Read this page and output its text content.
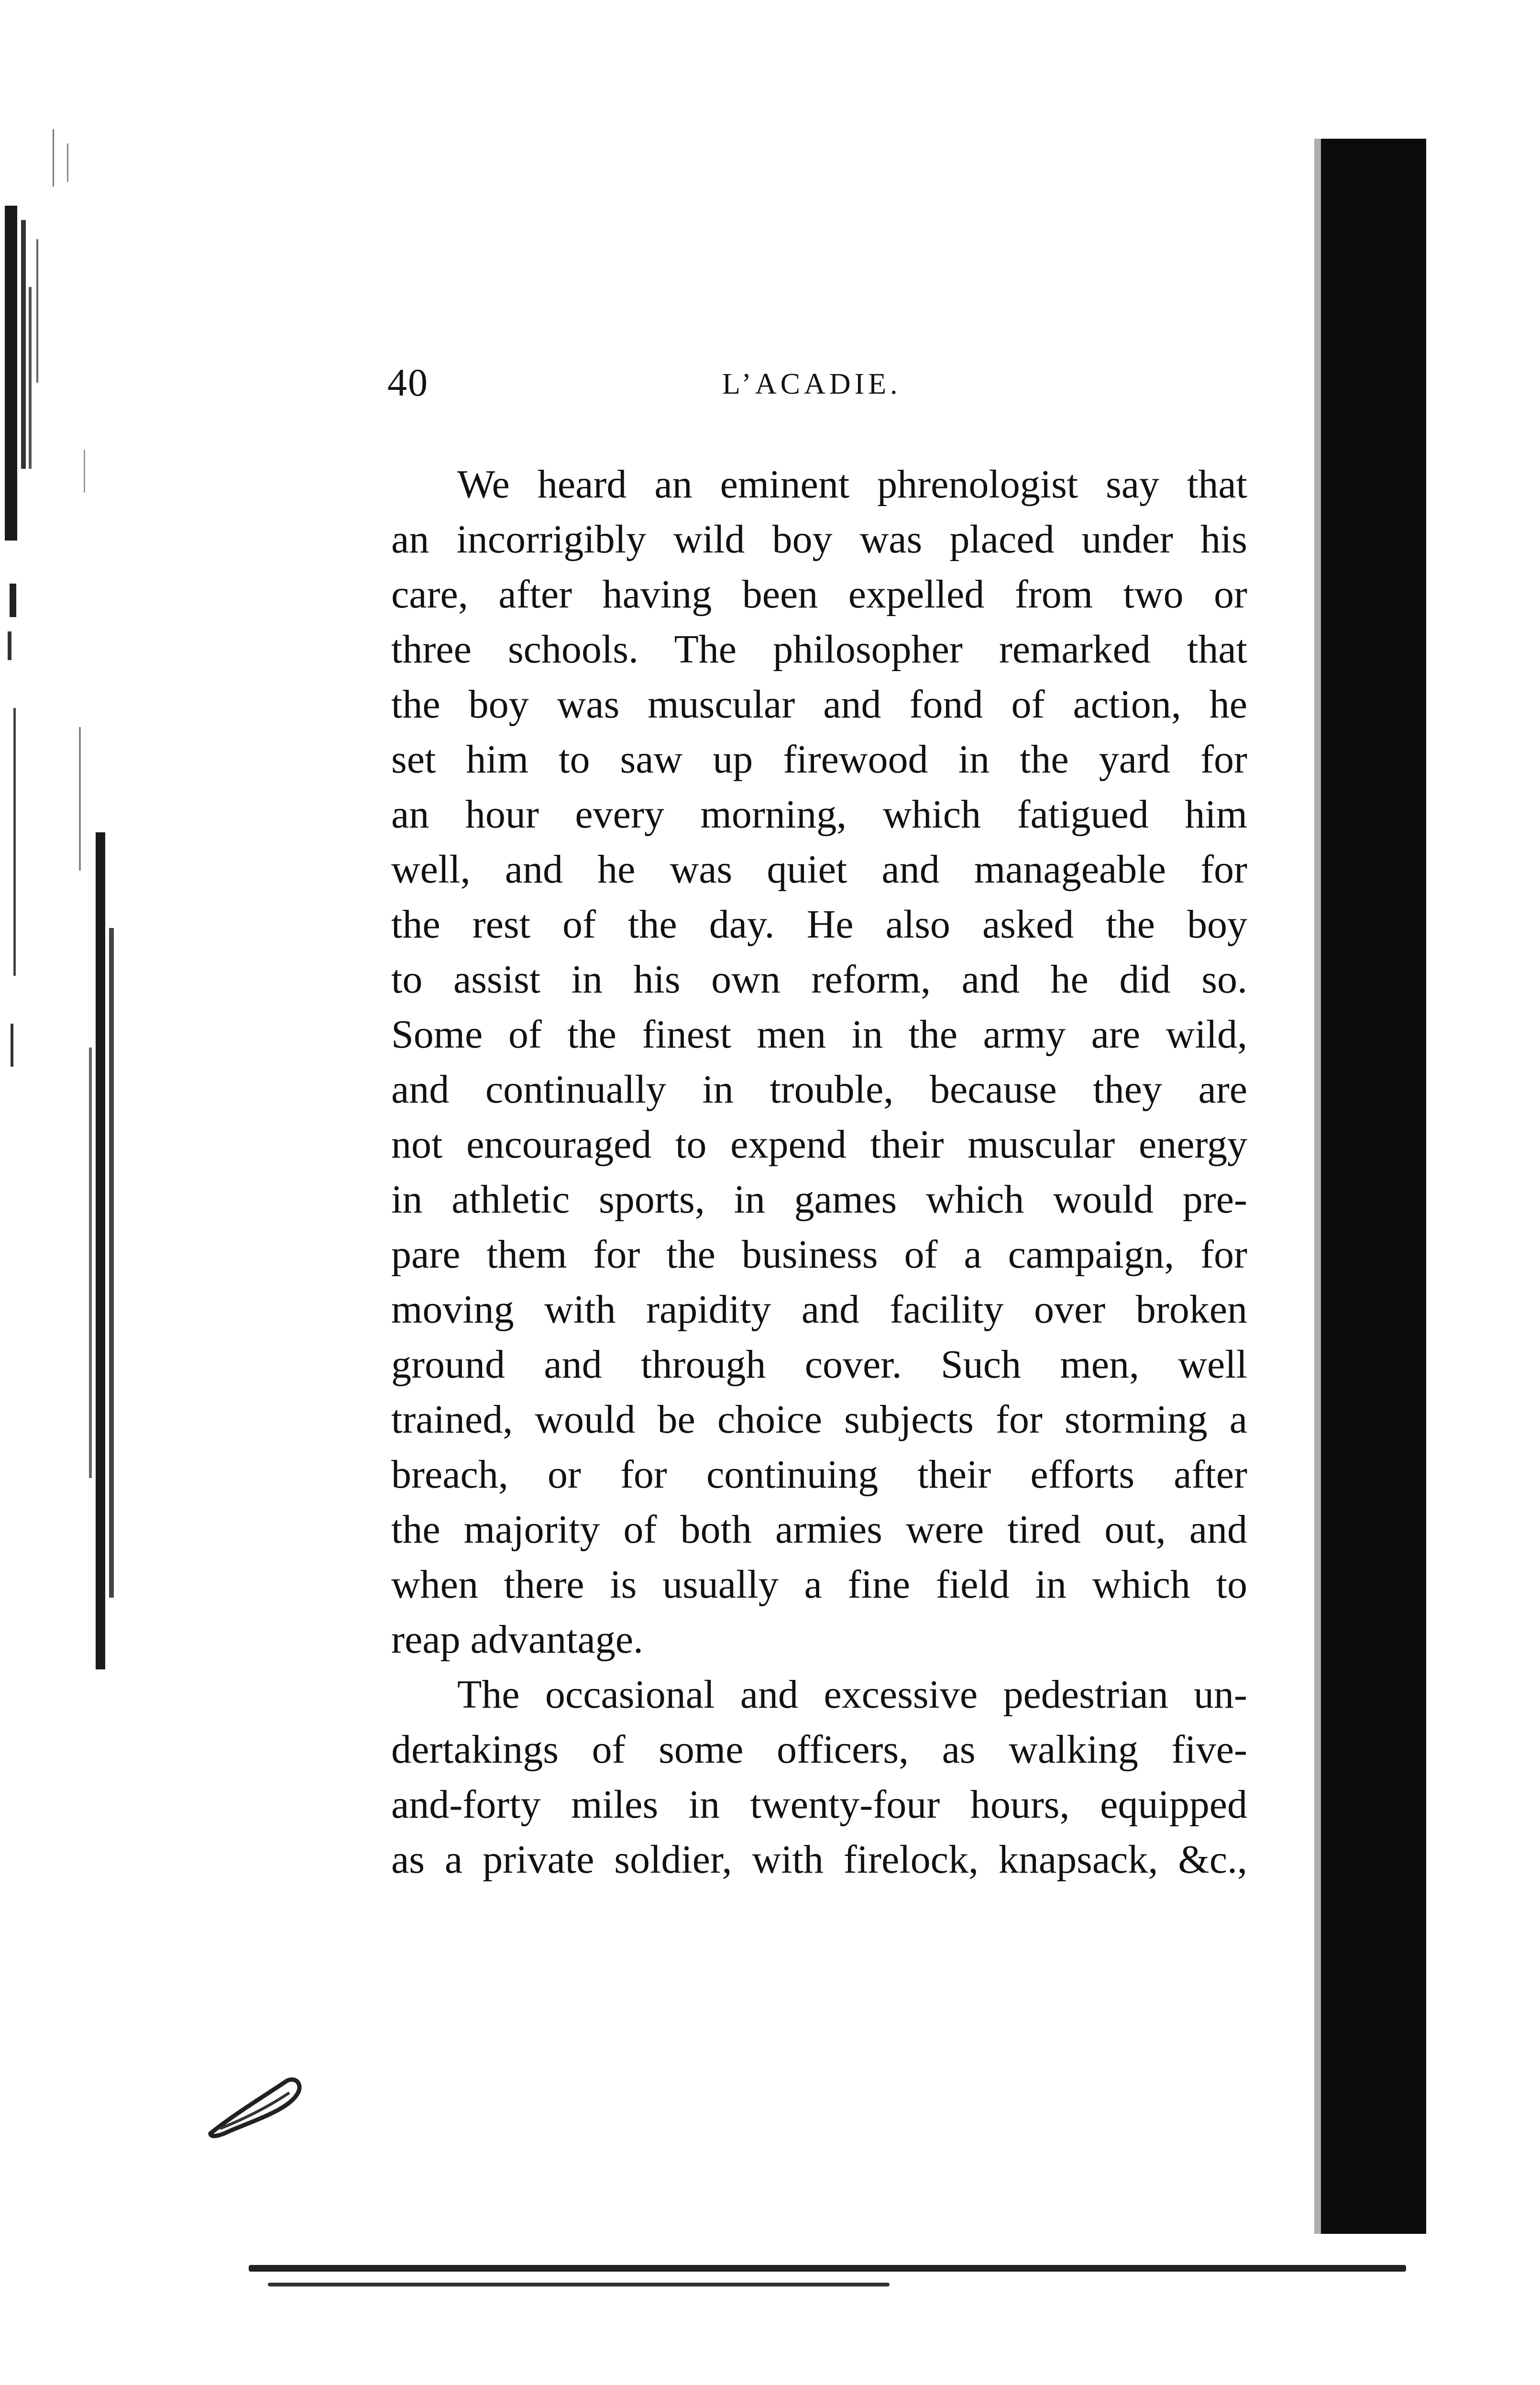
40	L’ACADIE.
We heard an eminent phrenologist say that
an incorrigibly wild boy was placed under his
care, after having been expelled from two or
three schools. The philosopher remarked that
the boy was muscular and fond of action, he
set him to saw up firewood in the yard for
an hour every morning, which fatigued him
well, and he was quiet and manageable for
the rest of the day. He also asked the boy
to assist in his own reform, and he did so.
Some of the finest men in the army are wild,
and continually in trouble, because they are
not encouraged to expend their muscular energy
in athletic sports, in games which would pre-
pare them for the business of a campaign, for
moving with rapidity and facility over broken
ground and through cover. Such men, well
trained, would be choice subjects for storming a
breach, or for continuing their efforts after
the majority of both armies were tired out, and
when there is usually a fine field in which to
reap advantage.
The occasional and excessive pedestrian un-
dertakings of some officers, as walking five-
and-forty miles in twenty-four hours, equipped
as a private soldier, with firelock, knapsack, &c.,
